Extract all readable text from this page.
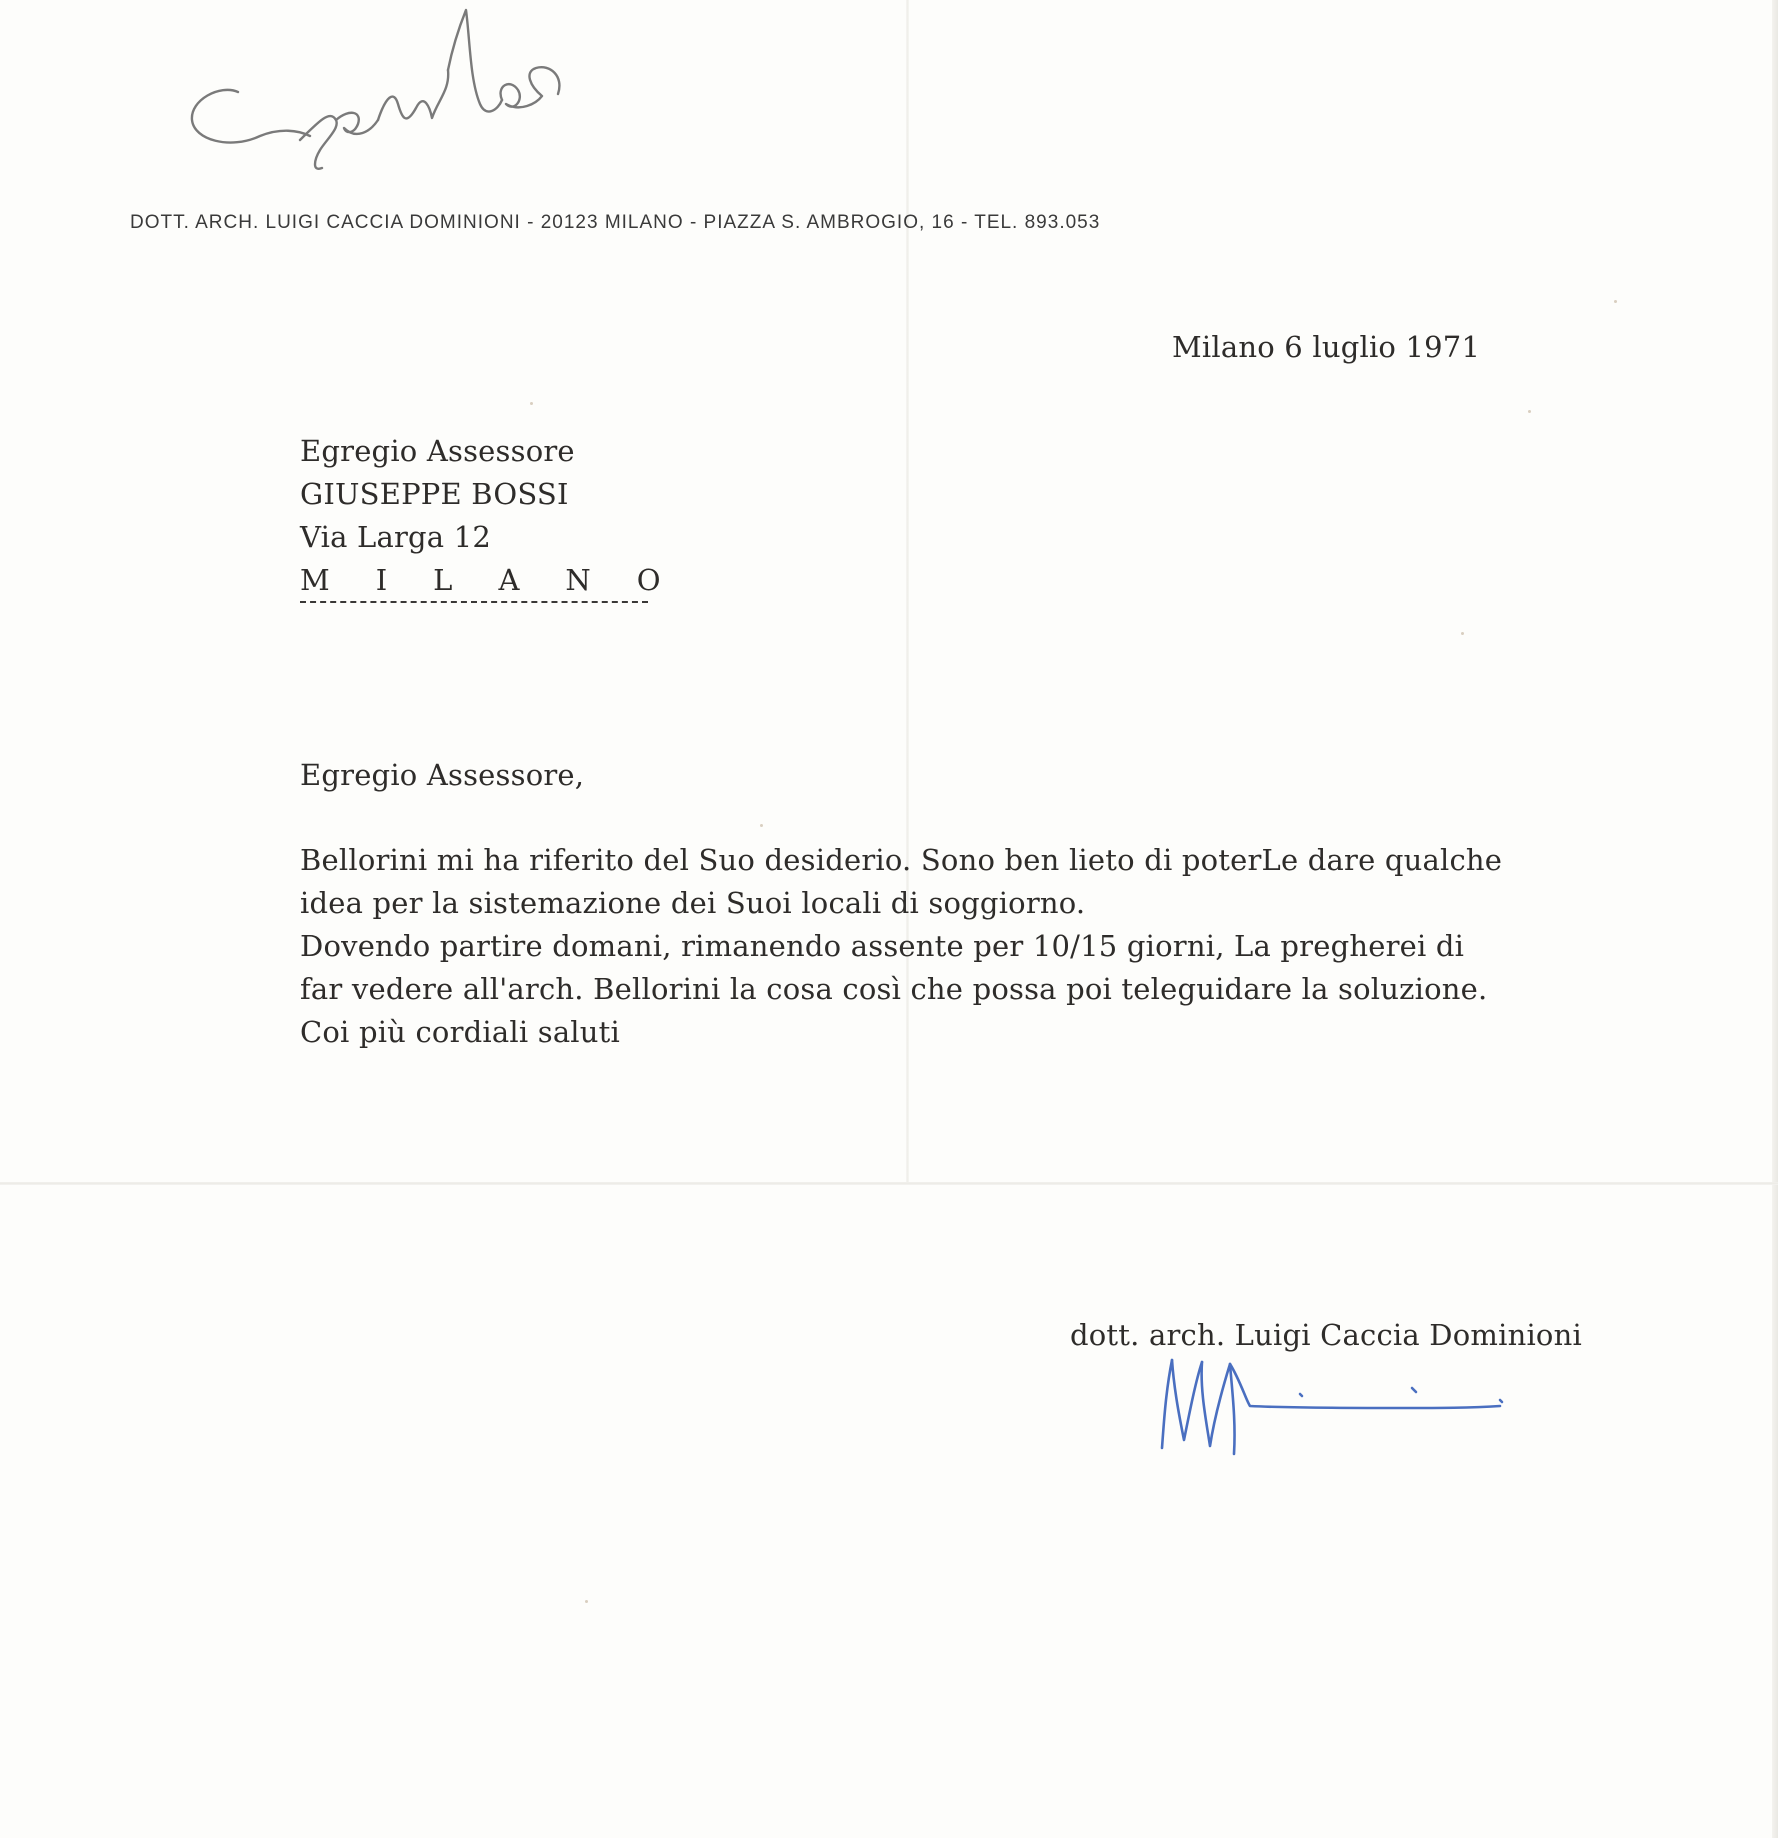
DOTT. ARCH. LUIGI CACCIA DOMINIONI - 20123 MILANO - PIAZZA S. AMBROGIO, 16 - TEL. 893.053
Milano 6 luglio 1971
Egregio Assessore
GIUSEPPE BOSSI
Via Larga 12
M I L A N O
Egregio Assessore,
Bellorini mi ha riferito del Suo desiderio. Sono ben lieto di poterLe dare qualche
idea per la sistemazione dei Suoi locali di soggiorno.
Dovendo partire domani, rimanendo assente per 10/15 giorni, La pregherei di
far vedere all'arch. Bellorini la cosa così che possa poi teleguidare la soluzione.
Coi più cordiali saluti
dott. arch. Luigi Caccia Dominioni
